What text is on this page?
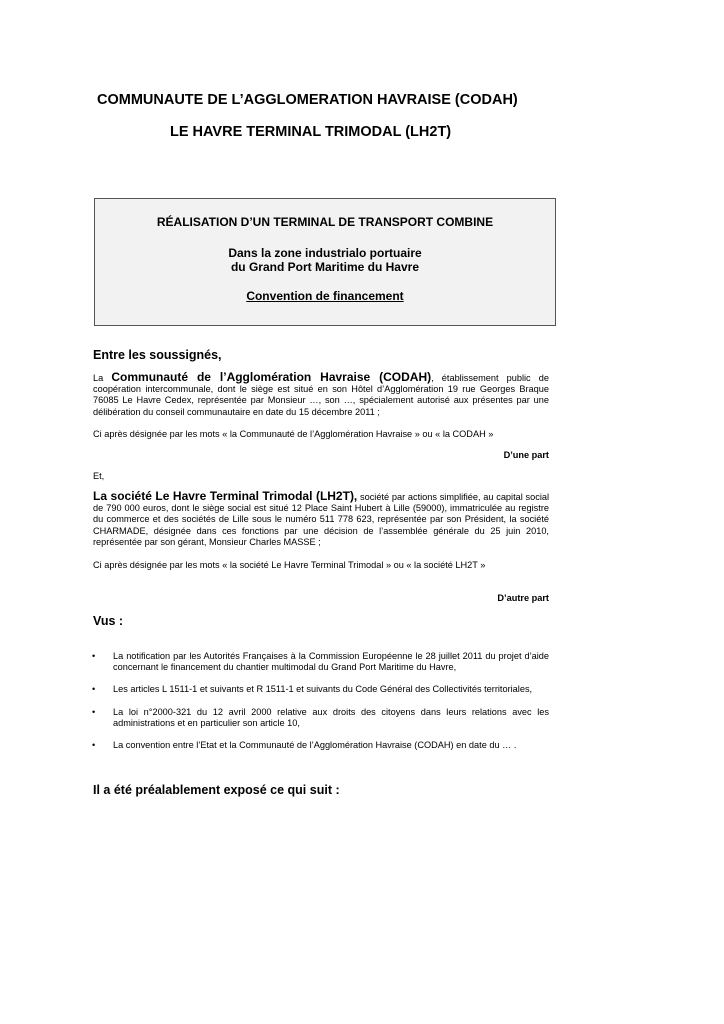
COMMUNAUTE DE L’AGGLOMERATION HAVRAISE (CODAH)
LE HAVRE TERMINAL TRIMODAL (LH2T)
RÉALISATION D’UN TERMINAL DE TRANSPORT COMBINE
Dans la zone industrialo portuaire
du Grand Port Maritime du Havre
Convention de financement
Entre les soussignés,
La Communauté de l’Agglomération Havraise (CODAH), établissement public de coopération intercommunale, dont le siège est situé en son Hôtel d’Agglomération 19 rue Georges Braque 76085 Le Havre Cedex, représentée par Monsieur …, son …, spécialement autorisé aux présentes par une délibération du conseil communautaire en date du 15 décembre 2011 ;
Ci après désignée par les mots « la Communauté de l’Agglomération Havraise » ou « la CODAH »
D’une part
Et,
La société Le Havre Terminal Trimodal (LH2T), société par actions simplifiée, au capital social de 790 000 euros, dont le siège social est situé 12 Place Saint Hubert à Lille (59000), immatriculée au registre du commerce et des sociétés de Lille sous le numéro 511 778 623, représentée par son Président, la société CHARMADE, désignée dans ces fonctions par une décision de l’assemblée générale du 25 juin 2010, représentée par son gérant, Monsieur Charles MASSE ;
Ci après désignée par les mots « la société Le Havre Terminal Trimodal » ou « la société LH2T »
D’autre part
Vus :
• La notification par les Autorités Françaises à la Commission Européenne le 28 juillet 2011 du projet d’aide concernant le financement du chantier multimodal du Grand Port Maritime du Havre,
• Les articles L 1511-1 et suivants et R 1511-1 et suivants du Code Général des Collectivités territoriales,
• La loi n°2000-321 du 12 avril 2000 relative aux droits des citoyens dans leurs relations avec les administrations et en particulier son article 10,
• La convention entre l’Etat et la Communauté de l’Agglomération Havraise (CODAH) en date du … .
Il a été préalablement exposé ce qui suit :
